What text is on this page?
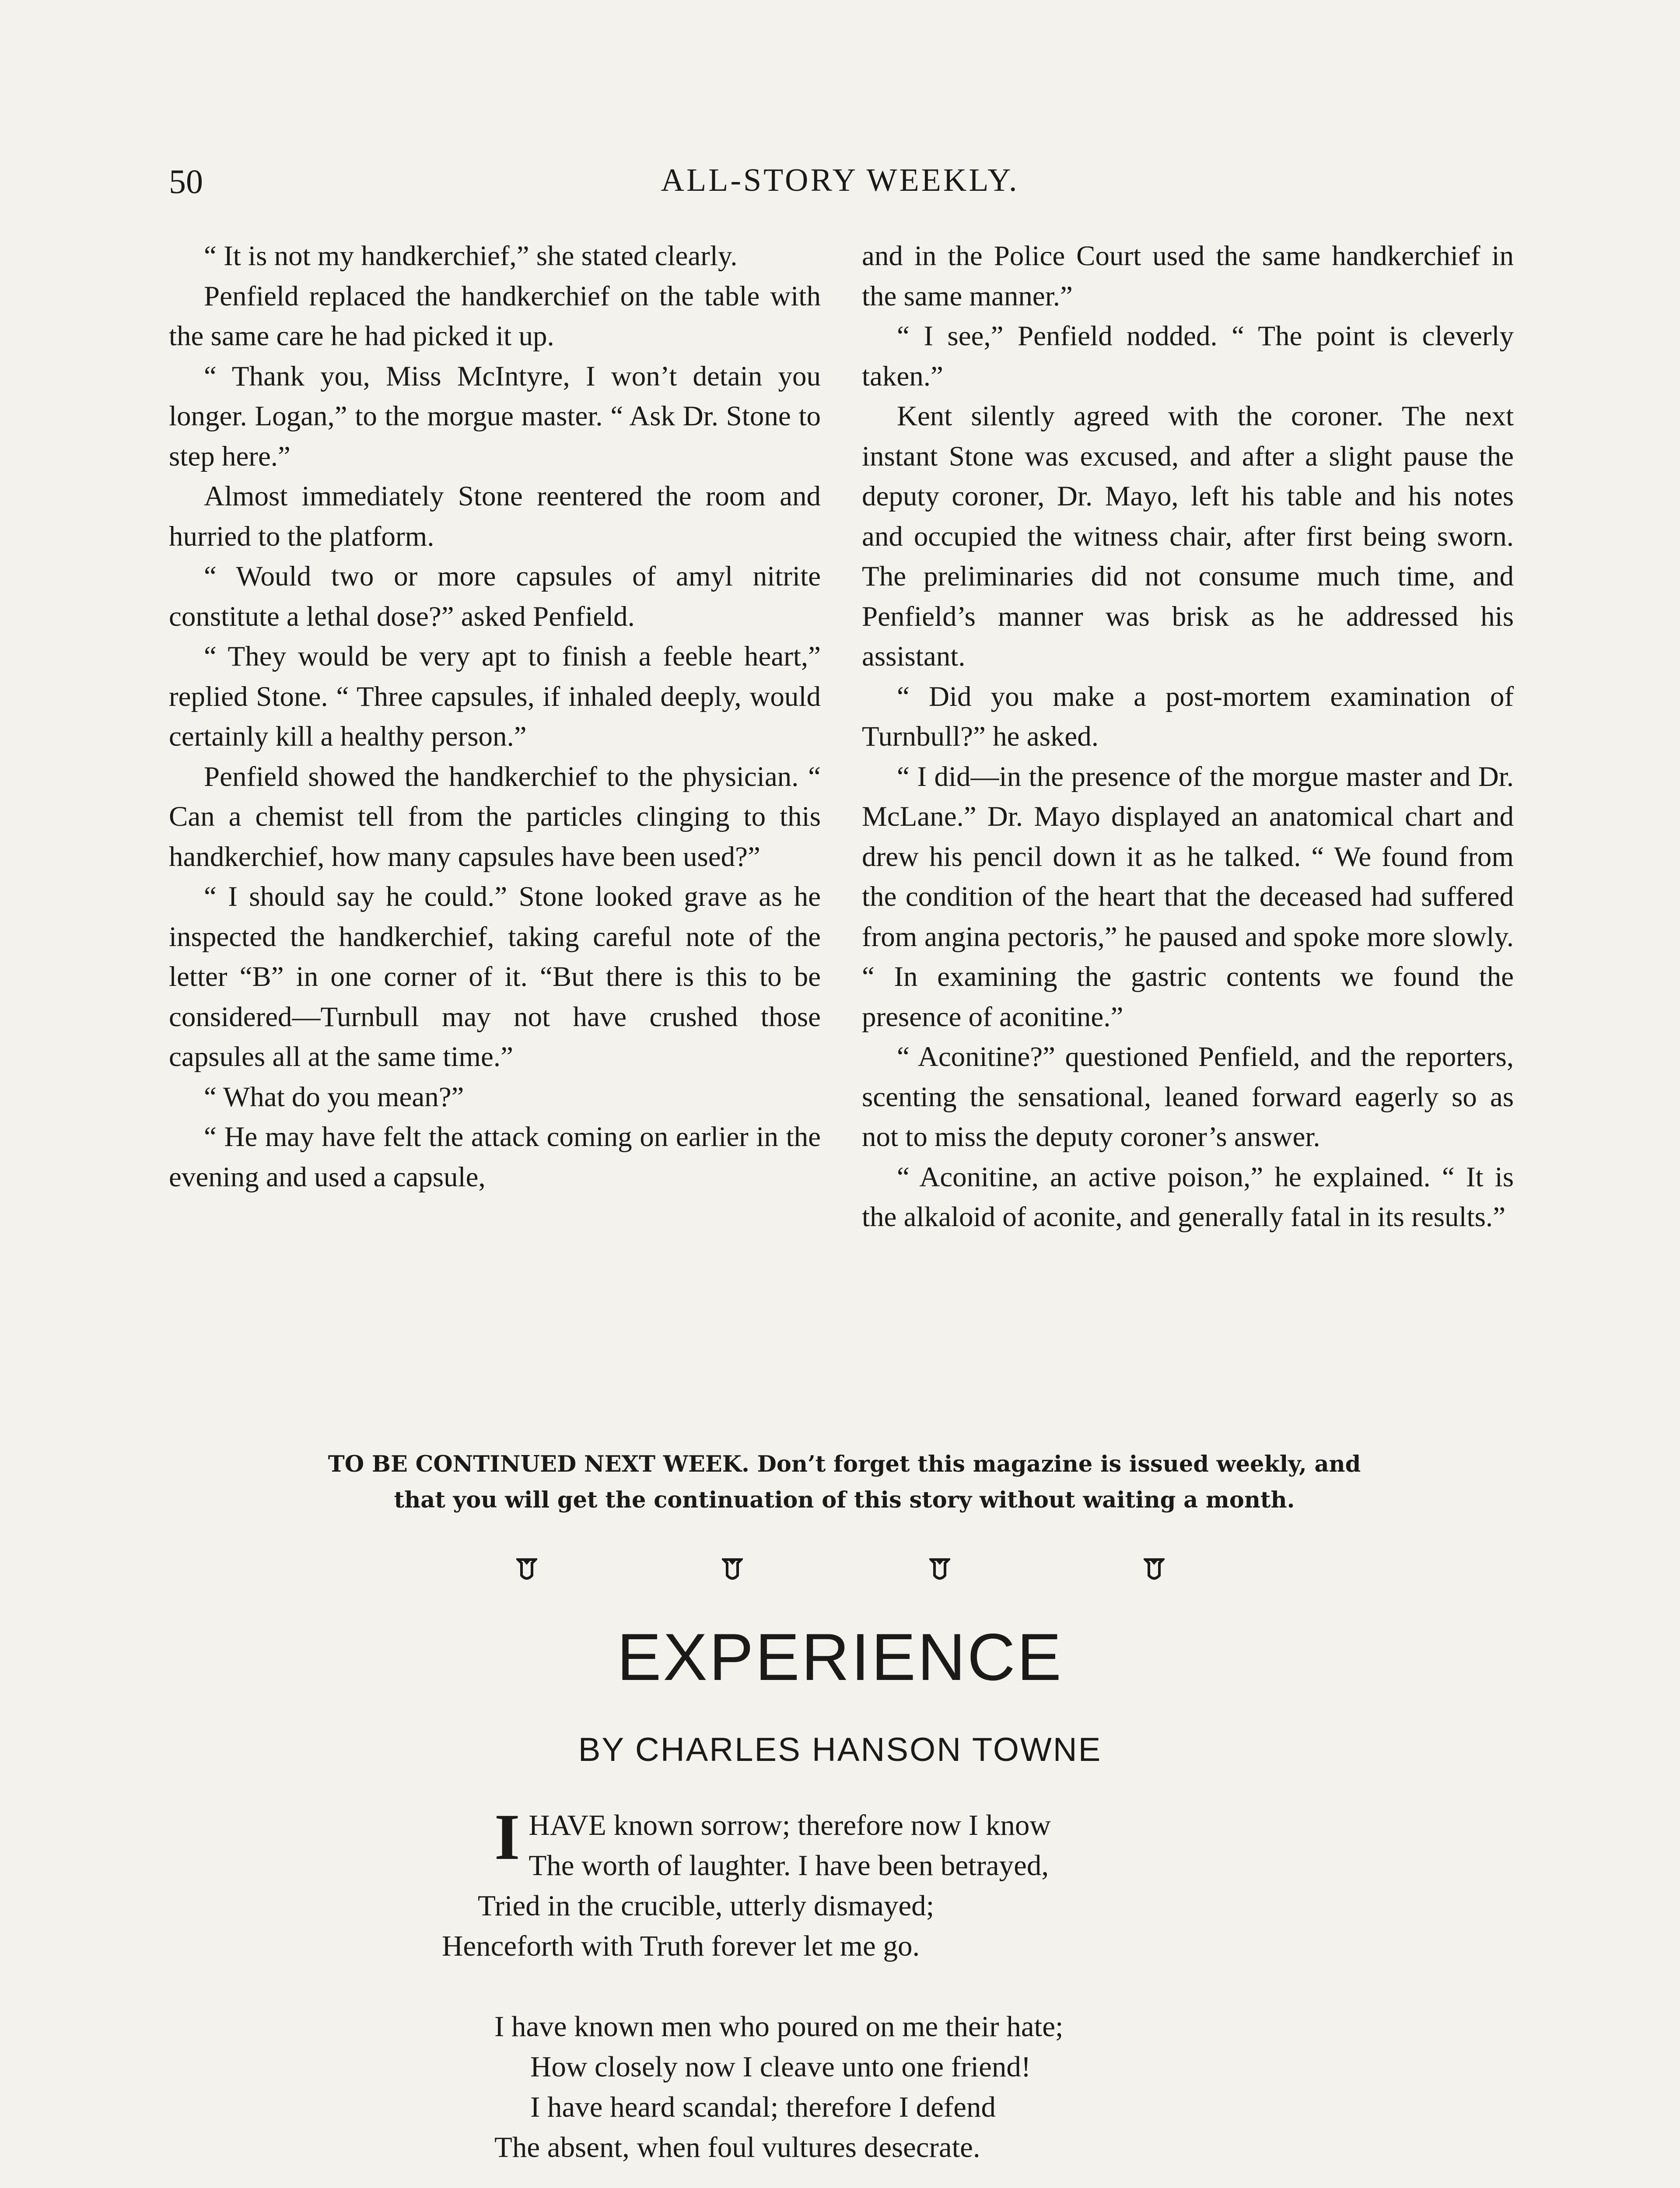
50	ALL-STORY WEEKLY.

“ It is not my handkerchief,” she stated clearly.

Penfield replaced the handkerchief on the table with the same care he had picked it up.

“ Thank you, Miss McIntyre, I won’t detain you longer. Logan,” to the morgue master. “ Ask Dr. Stone to step here.”

Almost immediately Stone reentered the room and hurried to the platform.

“ Would two or more capsules of amyl nitrite constitute a lethal dose?” asked Penfield.

“ They would be very apt to finish a feeble heart,” replied Stone. “ Three capsules, if inhaled deeply, would certainly kill a healthy person.”

Penfield showed the handkerchief to the physician. “ Can a chemist tell from the particles clinging to this handkerchief, how many capsules have been used?”

“ I should say he could.” Stone looked grave as he inspected the handkerchief, taking careful note of the letter “B” in one corner of it. “But there is this to be considered—Turnbull may not have crushed those capsules all at the same time.”

“ What do you mean?”

“ He may have felt the attack coming on earlier in the evening and used a capsule,

and in the Police Court used the same handkerchief in the same manner.”

“ I see,” Penfield nodded. “ The point is cleverly taken.”

Kent silently agreed with the coroner. The next instant Stone was excused, and after a slight pause the deputy coroner, Dr. Mayo, left his table and his notes and occupied the witness chair, after first being sworn. The preliminaries did not consume much time, and Penfield’s manner was brisk as he addressed his assistant.

“ Did you make a post-mortem examination of Turnbull?” he asked.

“ I did—in the presence of the morgue master and Dr. McLane.” Dr. Mayo displayed an anatomical chart and drew his pencil down it as he talked. “ We found from the condition of the heart that the deceased had suffered from angina pectoris,” he paused and spoke more slowly. “ In examining the gastric contents we found the presence of aconitine.”

“ Aconitine?” questioned Penfield, and the reporters, scenting the sensational, leaned forward eagerly so as not to miss the deputy coroner’s answer.

“ Aconitine, an active poison,” he explained. “ It is the alkaloid of aconite, and generally fatal in its results.”

TO BE CONTINUED NEXT WEEK. Don’t forget this magazine is issued weekly, and
that you will get the continuation of this story without waiting a month.
EXPERIENCE
BY CHARLES HANSON TOWNE
I HAVE known sorrow; therefore now I know
The worth of laughter. I have been betrayed,
Tried in the crucible, utterly dismayed;
Henceforth with Truth forever let me go.
I have known men who poured on me their hate;
How closely now I cleave unto one friend!
I have heard scandal; therefore I defend
The absent, when foul vultures desecrate.
